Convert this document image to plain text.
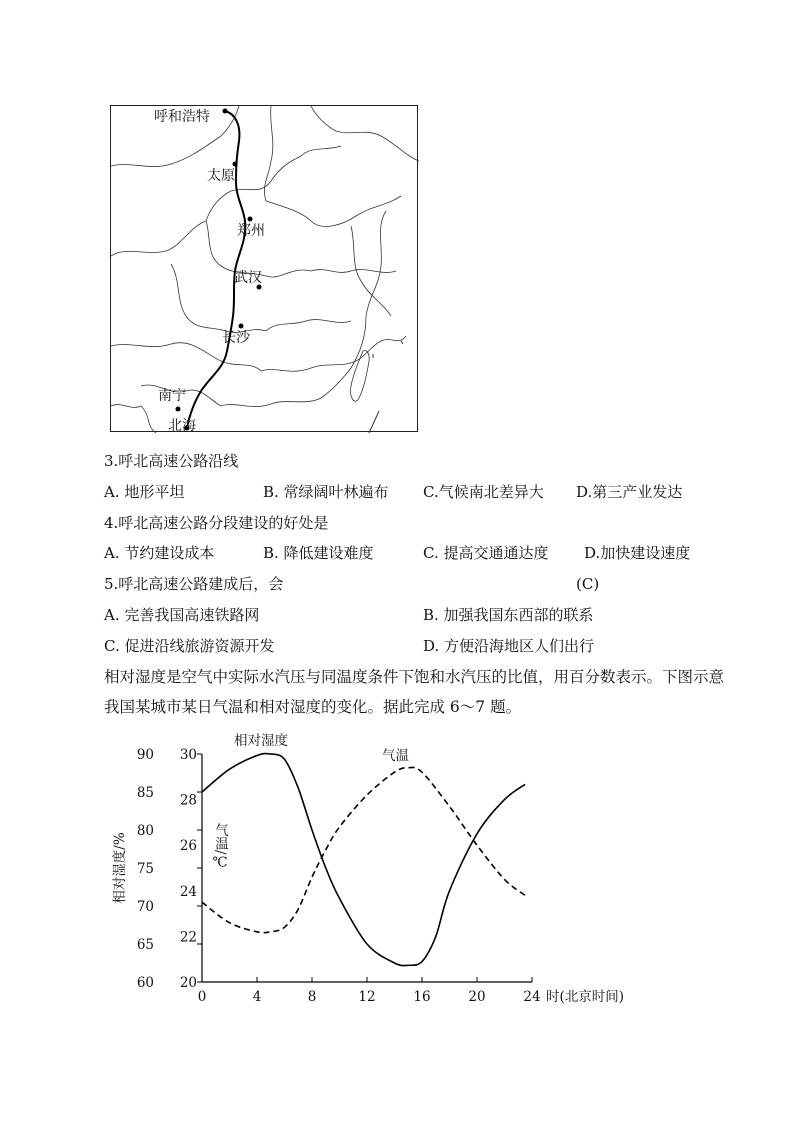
呼和浩特
太原
郑州
武汉
长沙
南宁
北海
3.呼北高速公路沿线
A. 地形平坦	B. 常绿阔叶林遍布 C.气候南北差异大 D.第三产业发达
4.呼北高速公路分段建设的好处是
A. 节约建设成本	B. 降低建设难度	C. 提高交通通达度 D.加快建设速度
5.呼北高速公路建成后，会	(C)
A. 完善我国高速铁路网	B. 加强我国东西部的联系
C. 促进沿线旅游资源开发	D. 方便沿海地区人们出行
相对湿度是空气中实际水汽压与同温度条件下饱和水汽压的比值，用百分数表示。下图示意 我国某城市某日气温和相对湿度的变化。据此完成 6～7 题。
60
65
70
75
80
85
90
20
22
24
26
28
30
0	4	8	12	16	20	24
相对湿度/%	气温/℃
时(北京时间)
相对湿度
气温
